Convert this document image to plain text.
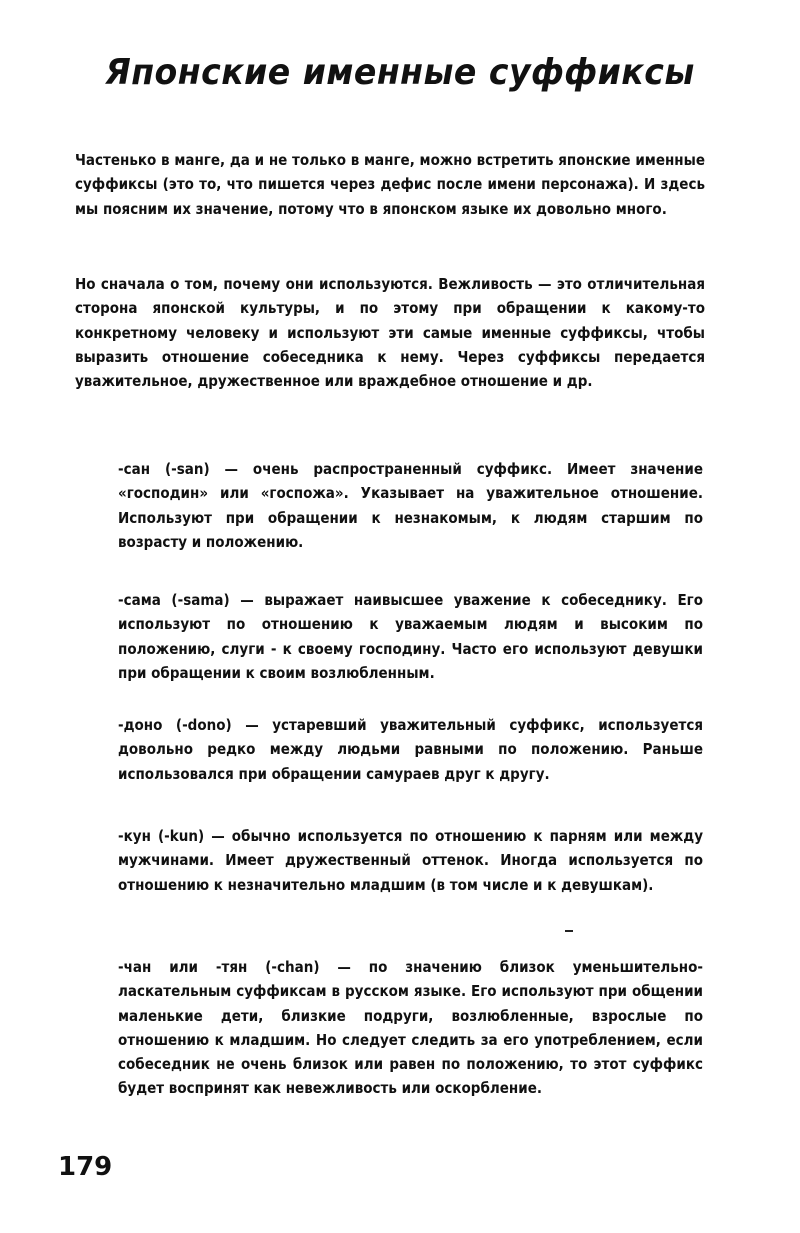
Японские именные суффиксы

Частенько в манге, да и не только в манге, можно встретить японские именные суффиксы (это то, что пишется через дефис после имени персонажа). И здесь мы поясним их значение, потому что в японском языке их довольно много.

Но сначала о том, почему они используются. Вежливость — это отличительная сторона японской культуры, и по этому при обращении к какому-то конкретному человеку и используют эти самые именные суффиксы, чтобы выразить отношение собеседника к нему. Через суффиксы передается уважительное, дружественное или враждебное отношение и др.

-сан (-san) — очень распространенный суффикс. Имеет значение «господин» или «госпожа». Указывает на уважительное отношение. Используют при обращении к незнакомым, к людям старшим по возрасту и положению.

-сама (-sama) — выражает наивысшее уважение к собеседнику. Его используют по отношению к уважаемым людям и высоким по положению, слуги - к своему господину. Часто его используют девушки при обращении к своим возлюбленным.

-доно (-dono) — устаревший уважительный суффикс, используется довольно редко между людьми равными по положению. Раньше использовался при обращении самураев друг к другу.

-кун (-kun) — обычно используется по отношению к парням или между мужчинами. Имеет дружественный оттенок. Иногда используется по отношению к незначительно младшим (в том числе и к девушкам).

-чан или -тян (-chan) — по значению близок уменьшительно-ласкательным суффиксам в русском языке. Его используют при общении маленькие дети, близкие подруги, возлюбленные, взрослые по отношению к младшим. Но следует следить за его употреблением, если собеседник не очень близок или равен по положению, то этот суффикс будет воспринят как невежливость или оскорбление.

179
